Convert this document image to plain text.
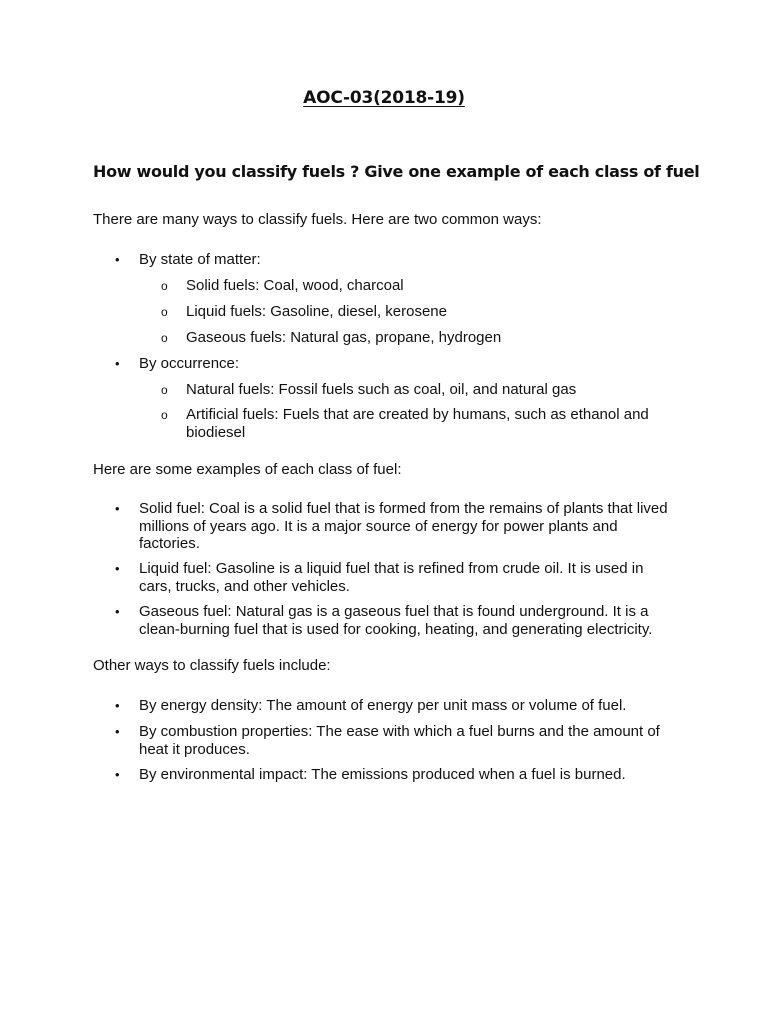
AOC-03(2018-19)
How would you classify fuels ? Give one example of each class of fuel
There are many ways to classify fuels. Here are two common ways:
• By state of matter:
o Solid fuels: Coal, wood, charcoal
o Liquid fuels: Gasoline, diesel, kerosene
o Gaseous fuels: Natural gas, propane, hydrogen
• By occurrence:
o Natural fuels: Fossil fuels such as coal, oil, and natural gas
o Artificial fuels: Fuels that are created by humans, such as ethanol and biodiesel
Here are some examples of each class of fuel:
• Solid fuel: Coal is a solid fuel that is formed from the remains of plants that lived millions of years ago. It is a major source of energy for power plants and factories.
• Liquid fuel: Gasoline is a liquid fuel that is refined from crude oil. It is used in cars, trucks, and other vehicles.
• Gaseous fuel: Natural gas is a gaseous fuel that is found underground. It is a clean-burning fuel that is used for cooking, heating, and generating electricity.
Other ways to classify fuels include:
• By energy density: The amount of energy per unit mass or volume of fuel.
• By combustion properties: The ease with which a fuel burns and the amount of heat it produces.
• By environmental impact: The emissions produced when a fuel is burned.
